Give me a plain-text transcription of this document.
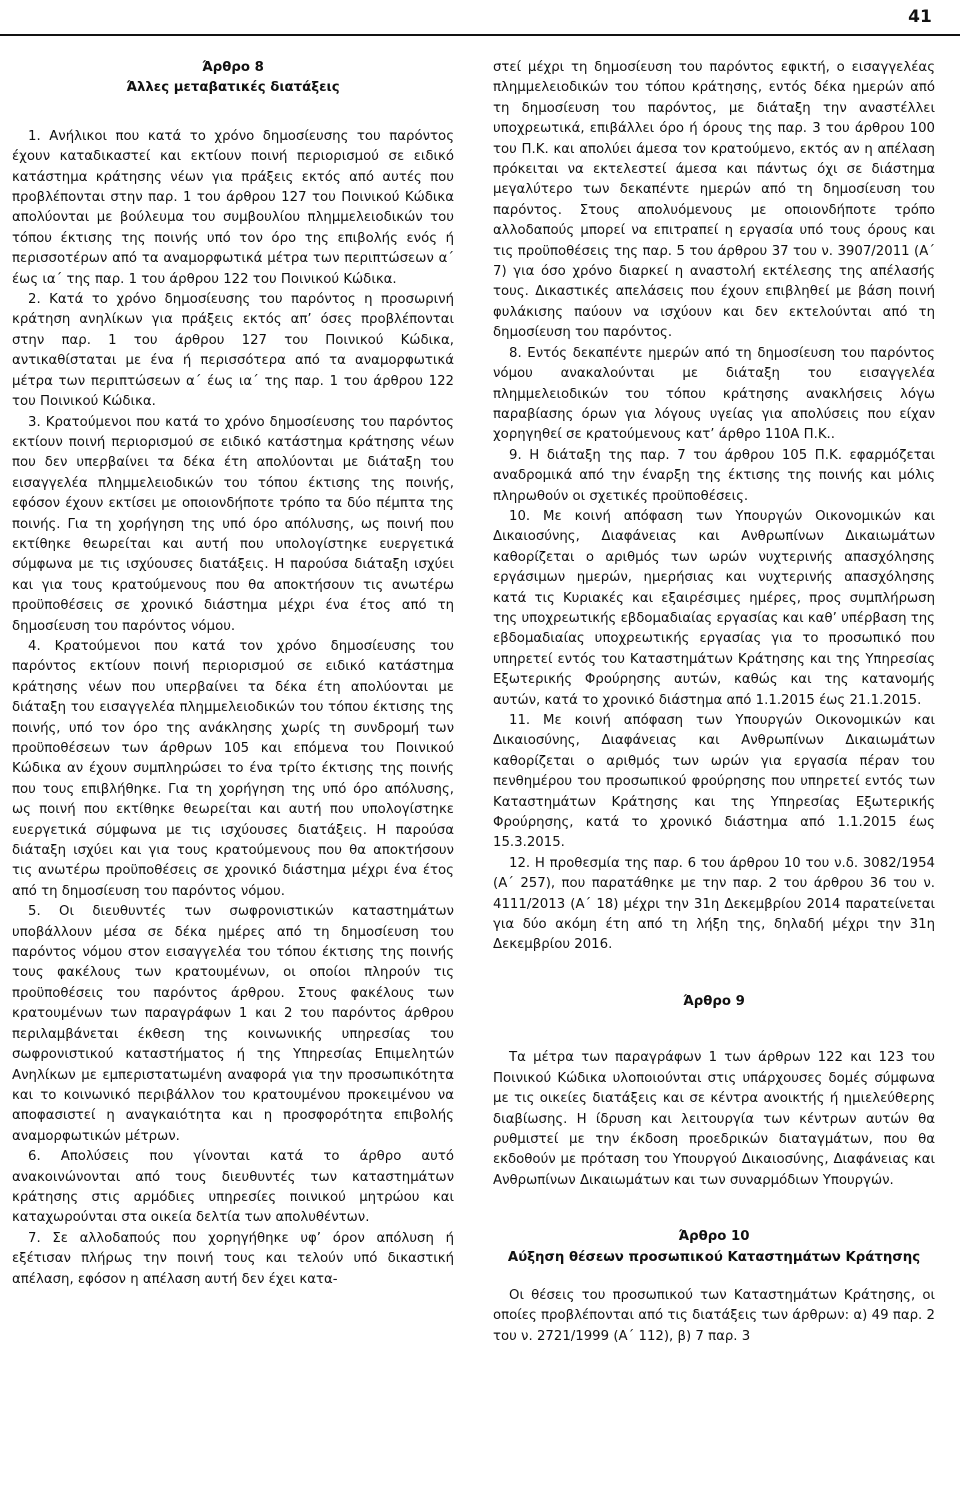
41

Άρθρο 8

Άλλες μεταβατικές διατάξεις

1. Ανήλικοι που κατά το χρόνο δημοσίευσης του παρόντος έχουν καταδικαστεί και εκτίουν ποινή περιορισμού σε ειδικό κατάστημα κράτησης νέων για πράξεις εκτός από αυτές που προβλέπονται στην παρ. 1 του άρθρου 127 του Ποινικού Κώδικα απολύονται με βούλευμα του συμβουλίου πλημμελειοδικών του τόπου έκτισης της ποινής υπό τον όρο της επιβολής ενός ή περισσοτέρων από τα αναμορφωτικά μέτρα των περιπτώσεων α΄ έως ια΄ της παρ. 1 του άρθρου 122 του Ποινικού Κώδικα.

2. Κατά το χρόνο δημοσίευσης του παρόντος η προσωρινή κράτηση ανηλίκων για πράξεις εκτός απ’ όσες προβλέπονται στην παρ. 1 του άρθρου 127 του Ποινικού Κώδικα, αντικαθίσταται με ένα ή περισσότερα από τα αναμορφωτικά μέτρα των περιπτώσεων α΄ έως ια΄ της παρ. 1 του άρθρου 122 του Ποινικού Κώδικα.

3. Κρατούμενοι που κατά το χρόνο δημοσίευσης του παρόντος εκτίουν ποινή περιορισμού σε ειδικό κατάστημα κράτησης νέων που δεν υπερβαίνει τα δέκα έτη απολύονται με διάταξη του εισαγγελέα πλημμελειοδικών του τόπου έκτισης της ποινής, εφόσον έχουν εκτίσει με οποιονδήποτε τρόπο τα δύο πέμπτα της ποινής. Για τη χορήγηση της υπό όρο απόλυσης, ως ποινή που εκτίθηκε θεωρείται και αυτή που υπολογίστηκε ευεργετικά σύμφωνα με τις ισχύουσες διατάξεις. Η παρούσα διάταξη ισχύει και για τους κρατούμενους που θα αποκτήσουν τις ανωτέρω προϋποθέσεις σε χρονικό διάστημα μέχρι ένα έτος από τη δημοσίευση του παρόντος νόμου.

4. Κρατούμενοι που κατά τον χρόνο δημοσίευσης του παρόντος εκτίουν ποινή περιορισμού σε ειδικό κατάστημα κράτησης νέων που υπερβαίνει τα δέκα έτη απολύονται με διάταξη του εισαγγελέα πλημμελειοδικών του τόπου έκτισης της ποινής, υπό τον όρο της ανάκλησης χωρίς τη συνδρομή των προϋποθέσεων των άρθρων 105 και επόμενα του Ποινικού Κώδικα αν έχουν συμπληρώσει το ένα τρίτο έκτισης της ποινής που τους επιβλήθηκε. Για τη χορήγηση της υπό όρο απόλυσης, ως ποινή που εκτίθηκε θεωρείται και αυτή που υπολογίστηκε ευεργετικά σύμφωνα με τις ισχύουσες διατάξεις. Η παρούσα διάταξη ισχύει και για τους κρατούμενους που θα αποκτήσουν τις ανωτέρω προϋποθέσεις σε χρονικό διάστημα μέχρι ένα έτος από τη δημοσίευση του παρόντος νόμου.

5. Οι διευθυντές των σωφρονιστικών καταστημάτων υποβάλλουν μέσα σε δέκα ημέρες από τη δημοσίευση του παρόντος νόμου στον εισαγγελέα του τόπου έκτισης της ποινής τους φακέλους των κρατουμένων, οι οποίοι πληρούν τις προϋποθέσεις του παρόντος άρθρου. Στους φακέλους των κρατουμένων των παραγράφων 1 και 2 του παρόντος άρθρου περιλαμβάνεται έκθεση της κοινωνικής υπηρεσίας του σωφρονιστικού καταστήματος ή της Υπηρεσίας Επιμελητών Ανηλίκων με εμπεριστατωμένη αναφορά για την προσωπικότητα και το κοινωνικό περιβάλλον του κρατουμένου προκειμένου να αποφασιστεί η αναγκαιότητα και η προσφορότητα επιβολής αναμορφωτικών μέτρων.

6. Απολύσεις που γίνονται κατά το άρθρο αυτό ανακοινώνονται από τους διευθυντές των καταστημάτων κράτησης στις αρμόδιες υπηρεσίες ποινικού μητρώου και καταχωρούνται στα οικεία δελτία των απολυθέντων.

7. Σε αλλοδαπούς που χορηγήθηκε υφ’ όρον απόλυση ή εξέτισαν πλήρως την ποινή τους και τελούν υπό δικαστική απέλαση, εφόσον η απέλαση αυτή δεν έχει κατα-

στεί μέχρι τη δημοσίευση του παρόντος εφικτή, ο εισαγγελέας πλημμελειοδικών του τόπου κράτησης, εντός δέκα ημερών από τη δημοσίευση του παρόντος, με διάταξη την αναστέλλει υποχρεωτικά, επιβάλλει όρο ή όρους της παρ. 3 του άρθρου 100 του Π.Κ. και απολύει άμεσα τον κρατούμενο, εκτός αν η απέλαση πρόκειται να εκτελεστεί άμεσα και πάντως όχι σε διάστημα μεγαλύτερο των δεκαπέντε ημερών από τη δημοσίευση του παρόντος. Στους απολυόμενους με οποιονδήποτε τρόπο αλλοδαπούς μπορεί να επιτραπεί η εργασία υπό τους όρους και τις προϋποθέσεις της παρ. 5 του άρθρου 37 του ν. 3907/2011 (Α΄ 7) για όσο χρόνο διαρκεί η αναστολή εκτέλεσης της απέλασής τους. Δικαστικές απελάσεις που έχουν επιβληθεί με βάση ποινή φυλάκισης παύουν να ισχύουν και δεν εκτελούνται από τη δημοσίευση του παρόντος.

8. Εντός δεκαπέντε ημερών από τη δημοσίευση του παρόντος νόμου ανακαλούνται με διάταξη του εισαγγελέα πλημμελειοδικών του τόπου κράτησης ανακλήσεις λόγω παραβίασης όρων για λόγους υγείας για απολύσεις που είχαν χορηγηθεί σε κρατούμενους κατ’ άρθρο 110Α Π.Κ..

9. Η διάταξη της παρ. 7 του άρθρου 105 Π.Κ. εφαρμόζεται αναδρομικά από την έναρξη της έκτισης της ποινής και μόλις πληρωθούν οι σχετικές προϋποθέσεις.

10. Με κοινή απόφαση των Υπουργών Οικονομικών και Δικαιοσύνης, Διαφάνειας και Ανθρωπίνων Δικαιωμάτων καθορίζεται ο αριθμός των ωρών νυχτερινής απασχόλησης εργάσιμων ημερών, ημερήσιας και νυχτερινής απασχόλησης κατά τις Κυριακές και εξαιρέσιμες ημέρες, προς συμπλήρωση της υποχρεωτικής εβδομαδιαίας εργασίας και καθ’ υπέρβαση της εβδομαδιαίας υποχρεωτικής εργασίας για το προσωπικό που υπηρετεί εντός του Καταστημάτων Κράτησης και της Υπηρεσίας Εξωτερικής Φρούρησης αυτών, καθώς και της κατανομής αυτών, κατά το χρονικό διάστημα από 1.1.2015 έως 21.1.2015.

11. Με κοινή απόφαση των Υπουργών Οικονομικών και Δικαιοσύνης, Διαφάνειας και Ανθρωπίνων Δικαιωμάτων καθορίζεται ο αριθμός των ωρών για εργασία πέραν του πενθημέρου του προσωπικού φρούρησης που υπηρετεί εντός των Καταστημάτων Κράτησης και της Υπηρεσίας Εξωτερικής Φρούρησης, κατά το χρονικό διάστημα από 1.1.2015 έως 15.3.2015.

12. Η προθεσμία της παρ. 6 του άρθρου 10 του ν.δ. 3082/1954 (Α΄ 257), που παρατάθηκε με την παρ. 2 του άρθρου 36 του ν. 4111/2013 (Α΄ 18) μέχρι την 31η Δεκεμβρίου 2014 παρατείνεται για δύο ακόμη έτη από τη λήξη της, δηλαδή μέχρι την 31η Δεκεμβρίου 2016.

Άρθρο 9

Τα μέτρα των παραγράφων 1 των άρθρων 122 και 123 του Ποινικού Κώδικα υλοποιούνται στις υπάρχουσες δομές σύμφωνα με τις οικείες διατάξεις και σε κέντρα ανοικτής ή ημιελεύθερης διαβίωσης. Η ίδρυση και λειτουργία των κέντρων αυτών θα ρυθμιστεί με την έκδοση προεδρικών διαταγμάτων, που θα εκδοθούν με πρόταση του Υπουργού Δικαιοσύνης, Διαφάνειας και Ανθρωπίνων Δικαιωμάτων και των συναρμόδιων Υπουργών.

Άρθρο 10

Αύξηση θέσεων προσωπικού Καταστημάτων Κράτησης

Οι θέσεις του προσωπικού των Καταστημάτων Κράτησης, οι οποίες προβλέπονται από τις διατάξεις των άρθρων: α) 49 παρ. 2 του ν. 2721/1999 (Α΄ 112), β) 7 παρ. 3
